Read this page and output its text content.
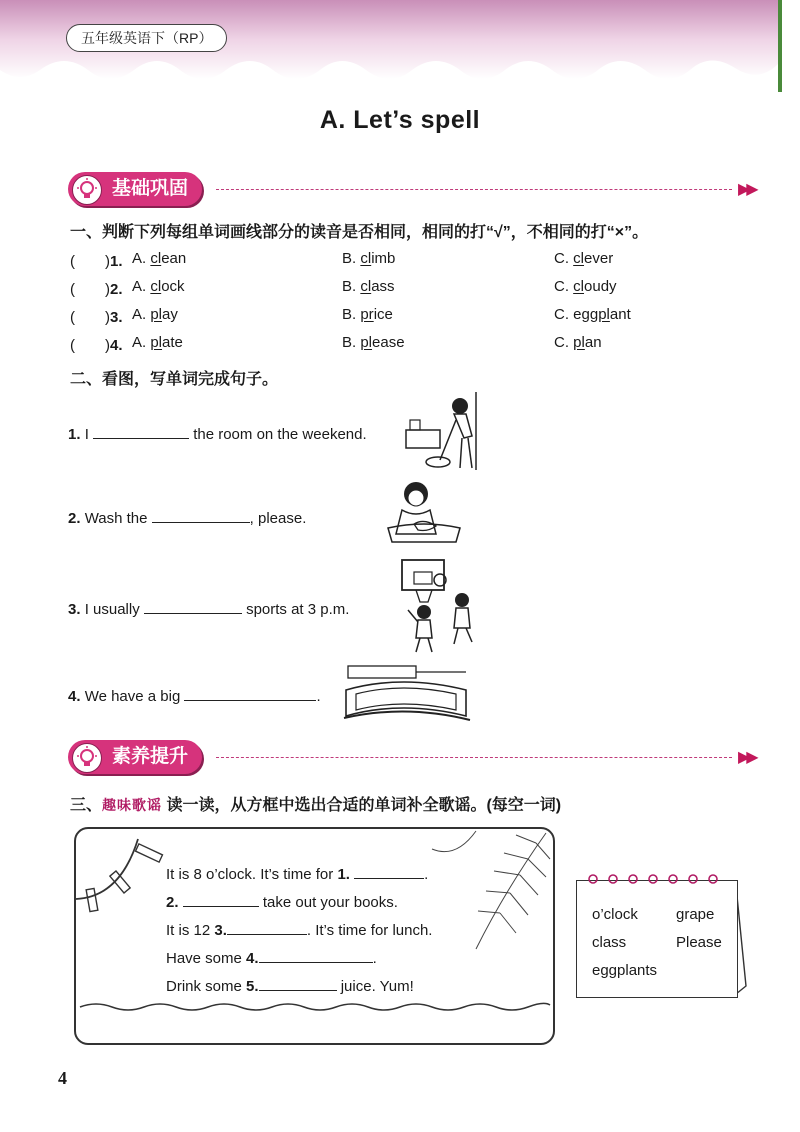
五年级英语下（RP）
A. Let’s spell
基础巩固	▶▶
一、判断下列每组单词画线部分的读音是否相同，相同的打“√”，不相同的打“×”。
(　　)1. A. clean	B. climb	C. clever
(　　)2. A. clock	B. class	C. cloudy
(　　)3. A. play	B. price	C. eggplant
(　　)4. A. plate	B. please	C. plan
二、看图，写单词完成句子。
1. I	the room on the weekend.
2. Wash the	, please.
3. I usually	sports at 3 p.m.
4. We have a big	.
素养提升	▶▶
三、趣味歌谣 读一读，从方框中选出合适的单词补全歌谣。(每空一词)
It is 8 o’clock. It’s time for 1.	.
2.	take out your books.
It is 12 3.	. It’s time for lunch.
Have some 4.	.
Drink some 5.	juice. Yum!
o’clock	grape
class	Please
eggplants
4
